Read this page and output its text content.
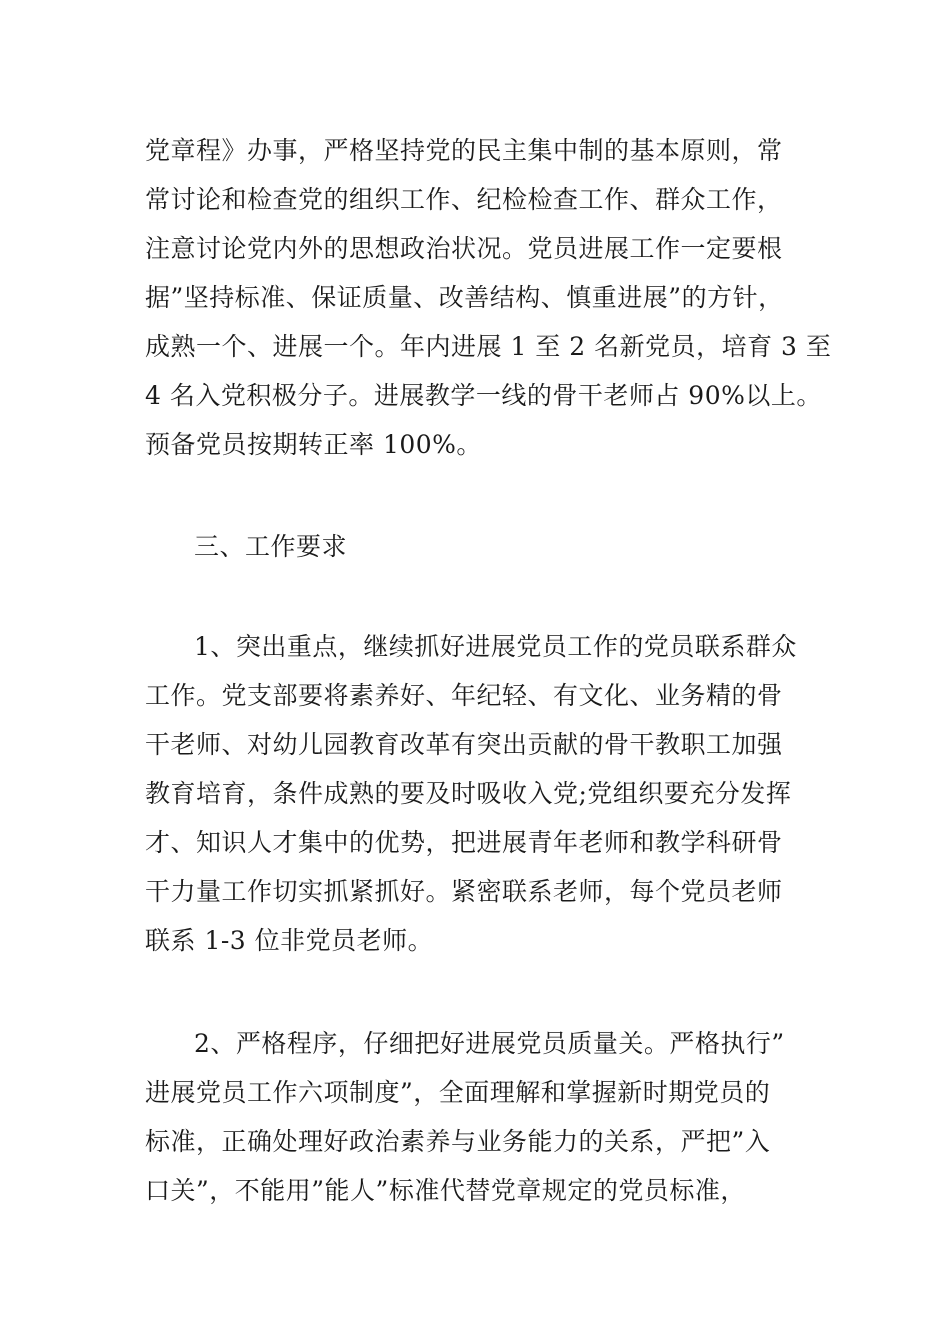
党章程》办事，严格坚持党的民主集中制的基本原则，常
常讨论和检查党的组织工作、纪检检查工作、群众工作，
注意讨论党内外的思想政治状况。党员进展工作一定要根
据”坚持标准、保证质量、改善结构、慎重进展”的方针，
成熟一个、进展一个。年内进展 1 至 2 名新党员，培育 3 至
4 名入党积极分子。进展教学一线的骨干老师占 90%以上。
预备党员按期转正率 100%。
三、工作要求
1、突出重点，继续抓好进展党员工作的党员联系群众
工作。党支部要将素养好、年纪轻、有文化、业务精的骨
干老师、对幼儿园教育改革有突出贡献的骨干教职工加强
教育培育，条件成熟的要及时吸收入党;党组织要充分发挥
才、知识人才集中的优势，把进展青年老师和教学科研骨
干力量工作切实抓紧抓好。紧密联系老师，每个党员老师
联系 1-3 位非党员老师。
2、严格程序，仔细把好进展党员质量关。严格执行”
进展党员工作六项制度”，全面理解和掌握新时期党员的
标准，正确处理好政治素养与业务能力的关系，严把”入
口关”，不能用”能人”标准代替党章规定的党员标准，
